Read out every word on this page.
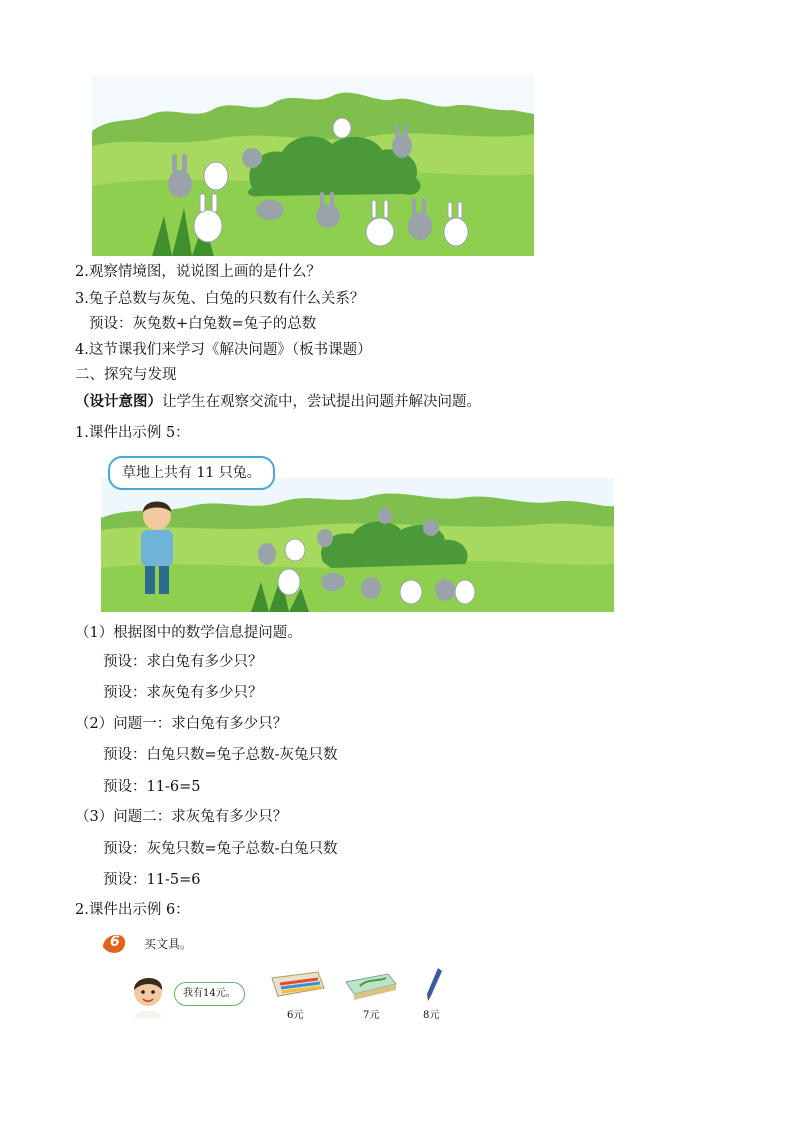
2.观察情境图，说说图上画的是什么？
3.兔子总数与灰兔、白兔的只数有什么关系？
预设：灰兔数+白兔数=兔子的总数
4.这节课我们来学习《解决问题》（板书课题）
二、探究与发现
（设计意图）让学生在观察交流中，尝试提出问题并解决问题。
1.课件出示例 5：
草地上共有 11 只兔。
（1）根据图中的数学信息提问题。
预设：求白兔有多少只？
预设：求灰兔有多少只？
（2）问题一：求白兔有多少只？
预设：白兔只数=兔子总数-灰兔只数
预设：11-6=5
（3）问题二：求灰兔有多少只？
预设：灰兔只数=兔子总数-白兔只数
预设：11-5=6
2.课件出示例 6：
6 买文具。
我有14元。
6元	7元	8元
